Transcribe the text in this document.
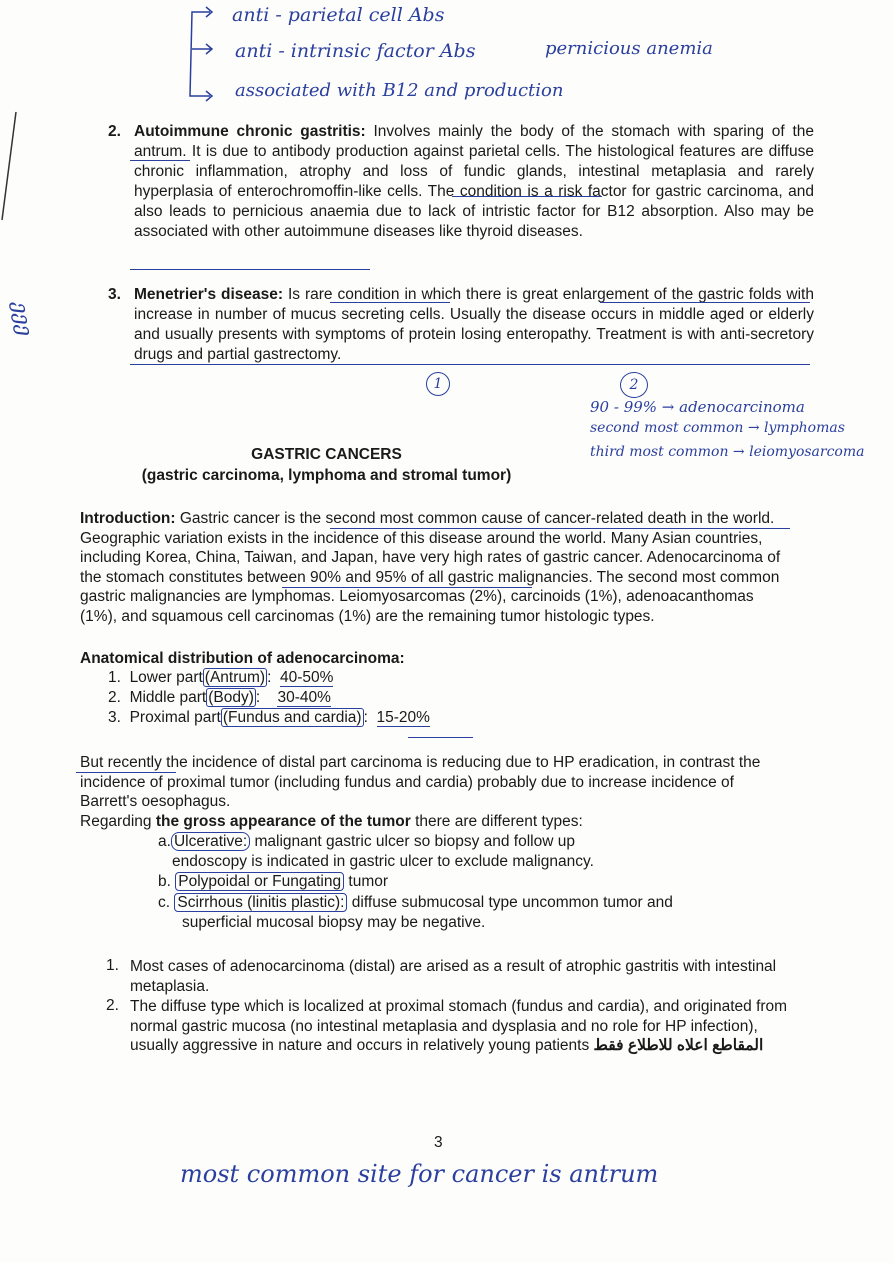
anti - parietal cell Abs
anti - intrinsic factor Abs	pernicious anemia
associated with B12 and production
2. Autoimmune chronic gastritis: Involves mainly the body of the stomach with sparing of the antrum. It is due to antibody production against parietal cells. The histological features are diffuse chronic inflammation, atrophy and loss of fundic glands, intestinal metaplasia and rarely hyperplasia of enterochromoffin-like cells. The condition is a risk factor for gastric carcinoma, and also leads to pernicious anaemia due to lack of intristic factor for B12 absorption. Also may be associated with other autoimmune diseases like thyroid diseases.
3. Menetrier's disease: Is rare condition in which there is great enlargement of the gastric folds with increase in number of mucus secreting cells. Usually the disease occurs in middle aged or elderly and usually presents with symptoms of protein losing enteropathy. Treatment is with anti-secretory drugs and partial gastrectomy.
ეეე
1	2
90 - 99% → adenocarcinoma
second most common → lymphomas
third most common → leiomyosarcoma
GASTRIC CANCERS
(gastric carcinoma, lymphoma and stromal tumor)
Introduction: Gastric cancer is the second most common cause of cancer-related death in the world. Geographic variation exists in the incidence of this disease around the world. Many Asian countries, including Korea, China, Taiwan, and Japan, have very high rates of gastric cancer. Adenocarcinoma of the stomach constitutes between 90% and 95% of all gastric malignancies. The second most common gastric malignancies are lymphomas. Leiomyosarcomas (2%), carcinoids (1%), adenoacanthomas (1%), and squamous cell carcinomas (1%) are the remaining tumor histologic types.
Anatomical distribution of adenocarcinoma:
1. Lower part (Antrum) :  40-50%
2. Middle part (Body) :    30-40%
3. Proximal part (Fundus and cardia) :  15-20%
But recently the incidence of distal part carcinoma is reducing due to HP eradication, in contrast the incidence of proximal tumor (including fundus and cardia) probably due to increase incidence of Barrett's oesophagus.
Regarding the gross appearance of the tumor there are different types:
a. Ulcerative: malignant gastric ulcer so biopsy and follow up
endoscopy is indicated in gastric ulcer to exclude malignancy.
b. Polypoidal or Fungating tumor
c. Scirrhous (linitis plastic): diffuse submucosal type uncommon tumor and
superficial mucosal biopsy may be negative.
1. Most cases of adenocarcinoma (distal) are arised as a result of atrophic gastritis with intestinal metaplasia.
2. The diffuse type which is localized at proximal stomach (fundus and cardia), and originated from normal gastric mucosa (no intestinal metaplasia and dysplasia and no role for HP infection), usually aggressive in nature and occurs in relatively young patients المقاطع اعلاه للاطلاع فقط
3
most common site for cancer is antrum
